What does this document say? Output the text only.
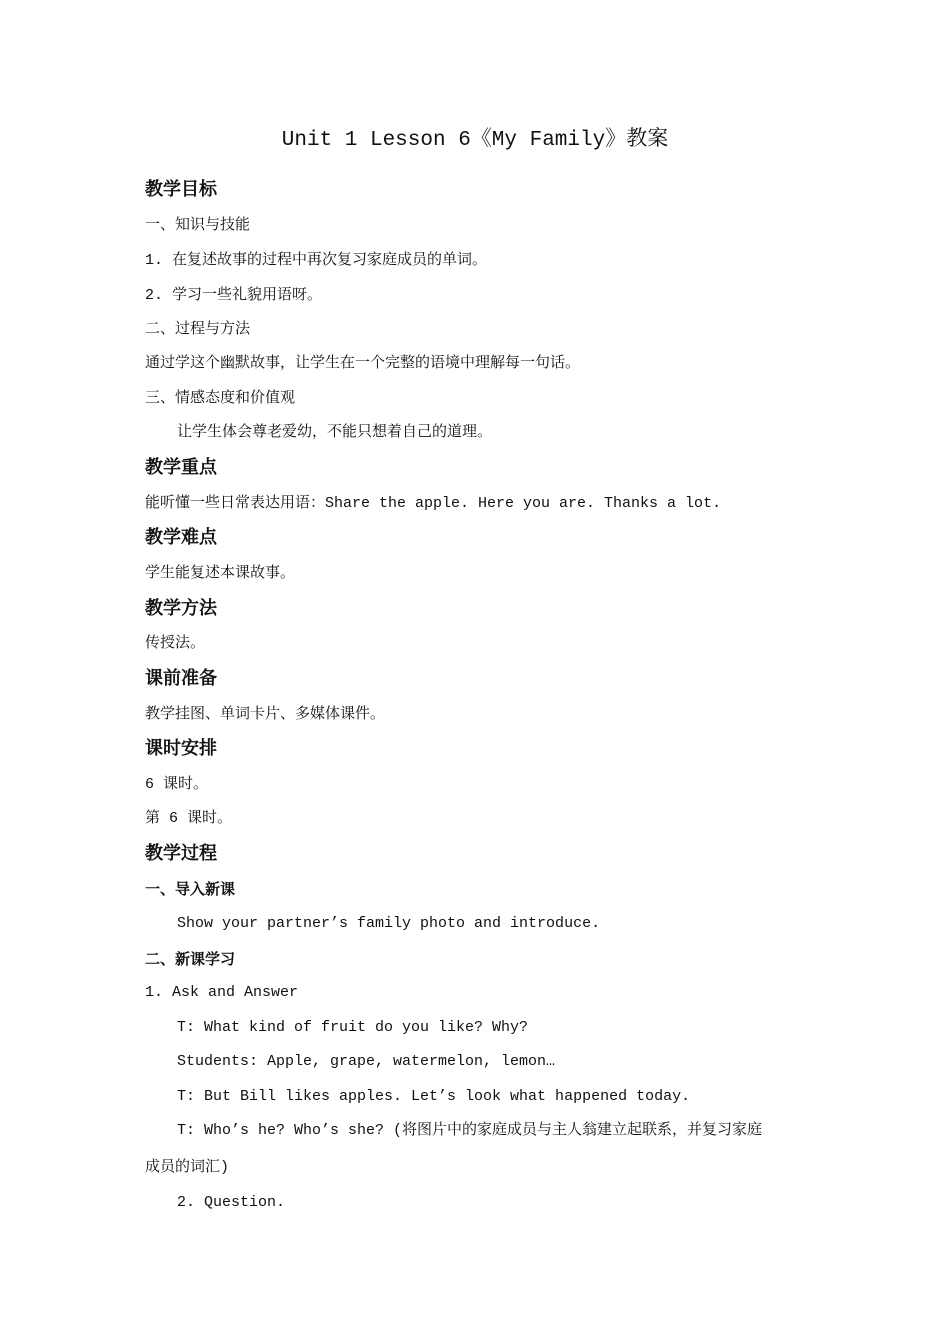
Unit 1 Lesson 6《My Family》教案
教学目标
一、知识与技能
1. 在复述故事的过程中再次复习家庭成员的单词。
2. 学习一些礼貌用语呀。
二、过程与方法
通过学这个幽默故事，让学生在一个完整的语境中理解每一句话。
三、情感态度和价值观
让学生体会尊老爱幼，不能只想着自己的道理。
教学重点
能听懂一些日常表达用语：Share the apple. Here you are. Thanks a lot.
教学难点
学生能复述本课故事。
教学方法
传授法。
课前准备
教学挂图、单词卡片、多媒体课件。
课时安排
6 课时。
第 6 课时。
教学过程
一、导入新课
Show your partner’s family photo and introduce.
二、新课学习
1. Ask and Answer
T: What kind of fruit do you like? Why?
Students: Apple, grape, watermelon, lemon…
T: But Bill likes apples. Let’s look what happened today.
T: Who’s he? Who’s she? (将图片中的家庭成员与主人翁建立起联系，并复习家庭
成员的词汇)
2. Question.
